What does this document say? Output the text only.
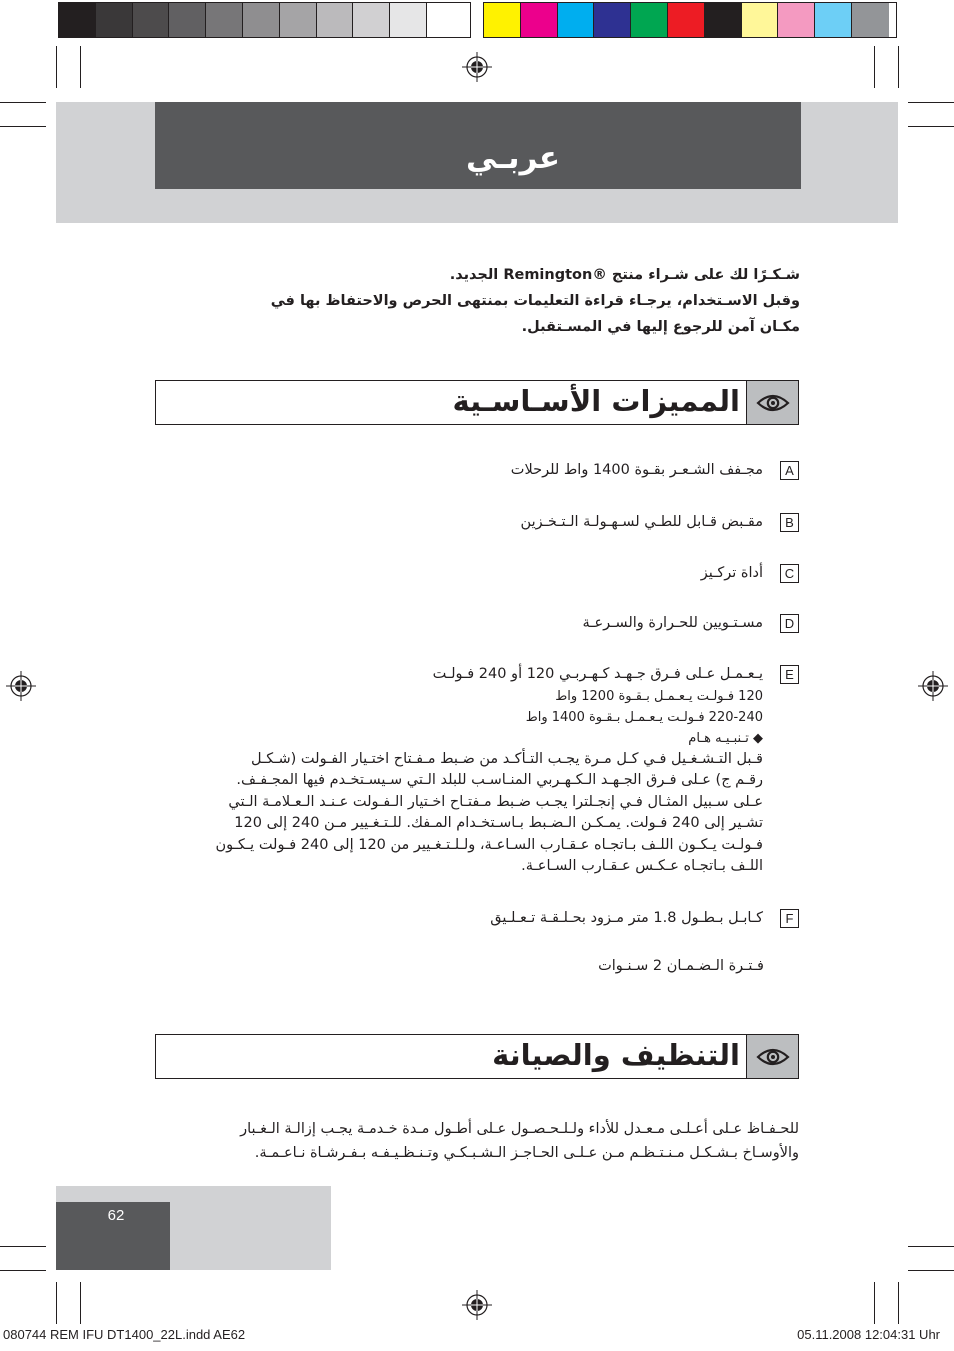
عربـي
شـكـرًا لك على شـراء منتج ®Remington الجديد.
وقبل الاسـتخدام، يرجـاء قراءة التعليمات بمنتهى الحرص والاحتفاظ بها في
مكـان آمن للرجوع إليها في المسـتقبل.
المميزات الأسـاسـية
A
مجـفف الشـعـر بقـوة 1400 واط للرحلات
B
مقـبض قـابل للطـي لسـهـولـة الـتـخـزين
C
أداة تركـيز
D
مسـتـويين للحـرارة والسـرعـة
E
يـعـمـل عـلى فـرق جـهـد كـهـربـي 120 أو 240 فـولـت
120 فـولـت يـعـمـل بـقـوة 1200 واط
220-240 فـولـت يـعـمـل بـقـوة 1400 واط
◆ تـنبـيـه هـام
قـبل التـشـغـيل فـي كـل مـرة يجـب التـأكـد من ضـبط مـفـتاح اختـيار الفـولت (شـكـل
رقـم ج) عـلى فـرق الجـهـد الـكـهـربي المنـاسـب للبلد الـتي سـيسـتخـدم فيها المجـفـف.
عـلى سـبيل المثـال فـي إنجـلترا يجـب ضـبط مـفتـاح اخـتيار الـفـولت عـنـد الـعـلامـة الـتي
تشـير إلى 240 فـولت. يمـكـن الـضـبط بـاسـتخـدام المـفك. للـتـغـيير مـن 240 إلى 120
فـولـت يـكـون اللـف بـاتجـاه عـقـارب السـاعـة، ولـلـتـغـيير من 120 إلى 240 فـولت يـكـون
اللـف بـاتجـاه عـكـس عـقـارب السـاعـة.
F
كـابـل بـطـول 1.8 متر مـزود بحـلـقـة تـعـلـيق
فـتـرة الـضـمـان 2 سـنـوات
التنظيف والصيانة
للحـفـاظ عـلى أعـلـى مـعـدل للأداء ولـلـحـصـول عـلى أطـول مـدة خـدمـة يجـب إزالـة الـغـبار
والأوسـاخ بـشـكـل مـنـتـظـم مـن عـلـى الحـاجـز الـشـبـكـي وتـنـظـيـفـه بـفـرشـاة نـاعـمـة.
62
080744 REM IFU DT1400_22L.indd AE62	05.11.2008 12:04:31 Uhr
